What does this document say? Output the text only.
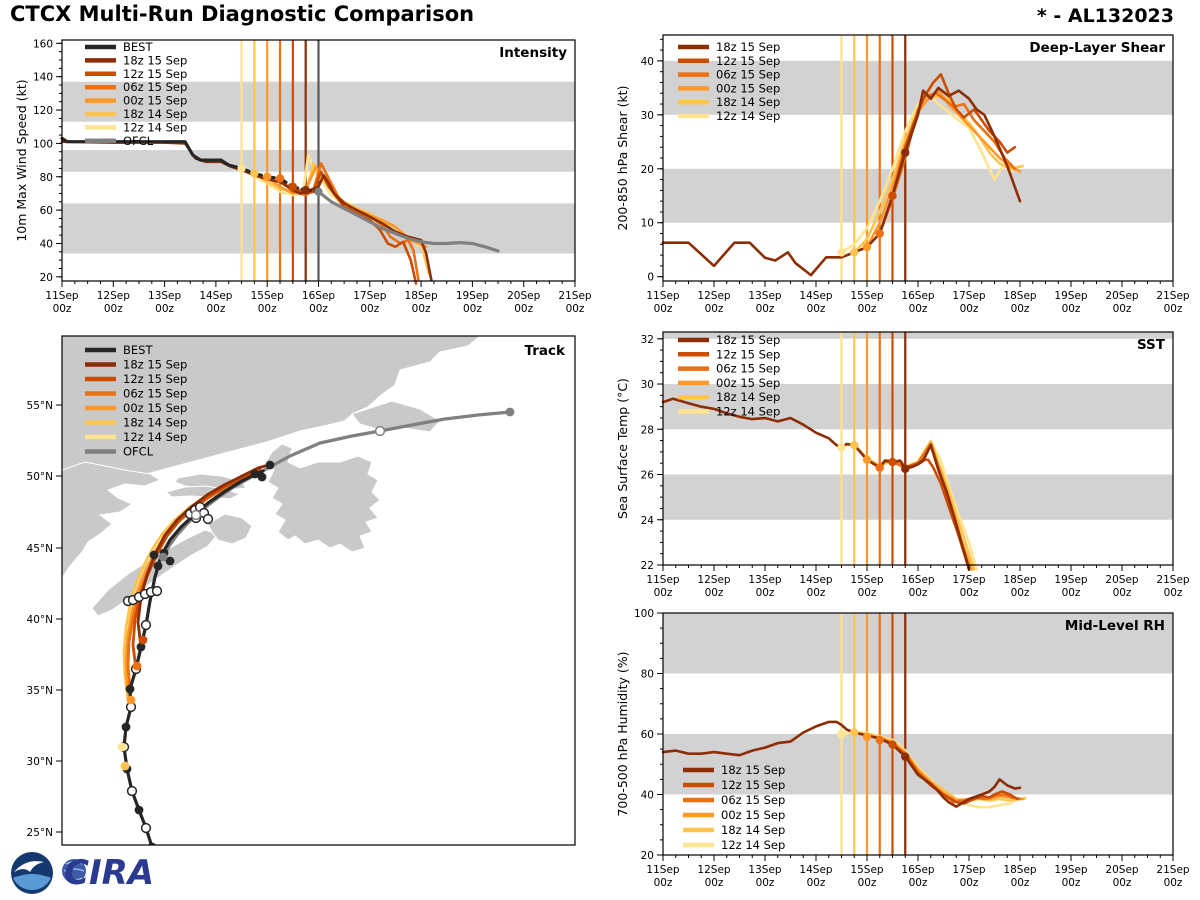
CTCX Multi-Run Diagnostic Comparison	* - AL132023
11Sep
00z
12Sep
00z
13Sep
00z
14Sep
00z
15Sep
00z
16Sep
00z
17Sep
00z
18Sep
00z
19Sep
00z
20Sep
00z
21Sep
00z
20
40
60
80
100
120
140
160
10m Max Wind Speed (kt)
Intensity
BEST
18z 15 Sep
12z 15 Sep
06z 15 Sep
00z 15 Sep
18z 14 Sep
12z 14 Sep
OFCL
11Sep
00z
12Sep
00z
13Sep
00z
14Sep
00z
15Sep
00z
16Sep
00z
17Sep
00z
18Sep
00z
19Sep
00z
20Sep
00z
21Sep
00z
0
10
20
30
40
200-850 hPa Shear (kt)
Deep-Layer Shear
18z 15 Sep
12z 15 Sep
06z 15 Sep
00z 15 Sep
18z 14 Sep
12z 14 Sep
11Sep
00z
12Sep
00z
13Sep
00z
14Sep
00z
15Sep
00z
16Sep
00z
17Sep
00z
18Sep
00z
19Sep
00z
20Sep
00z
21Sep
00z
22
24
26
28
30
32
Sea Surface Temp (°C)
SST
18z 15 Sep
12z 15 Sep
06z 15 Sep
00z 15 Sep
18z 14 Sep
12z 14 Sep
11Sep
00z
12Sep
00z
13Sep
00z
14Sep
00z
15Sep
00z
16Sep
00z
17Sep
00z
18Sep
00z
19Sep
00z
20Sep
00z
21Sep
00z
20
40
60
80
100
700-500 hPa Humidity (%)
Mid-Level RH
18z 15 Sep
12z 15 Sep
06z 15 Sep
00z 15 Sep
18z 14 Sep
12z 14 Sep
25°N
30°N
35°N
40°N
45°N
50°N
55°N
Track
BEST
18z 15 Sep
12z 15 Sep
06z 15 Sep
00z 15 Sep
18z 14 Sep
12z 14 Sep
OFCL
CIRA
